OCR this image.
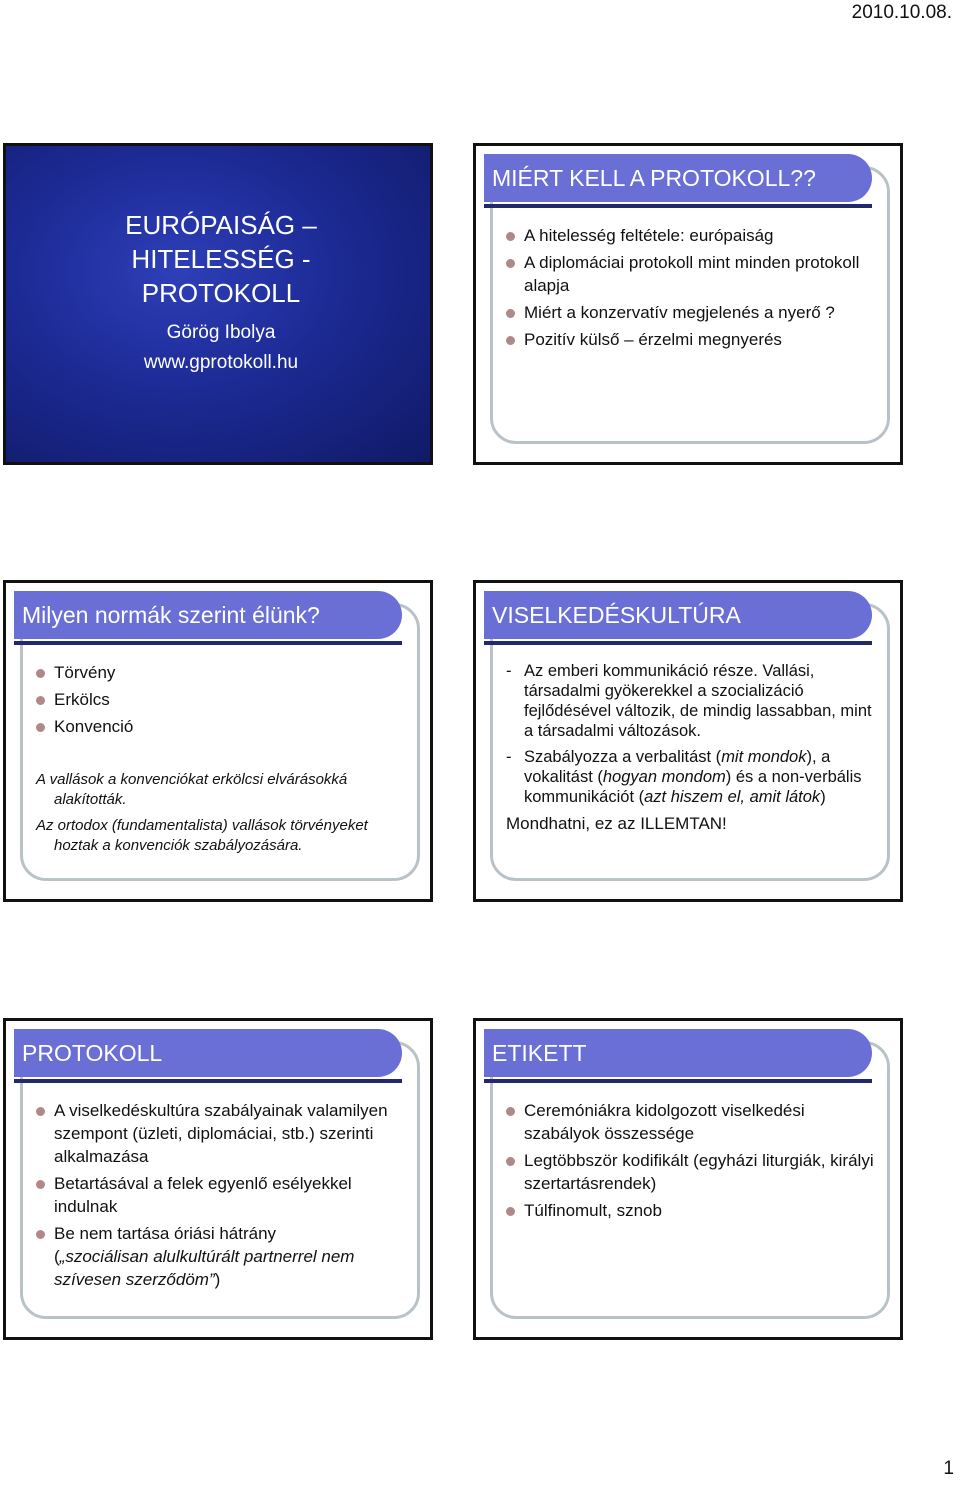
2010.10.08.
EURÓPAISÁG –
HITELESSÉG -
PROTOKOLL
Görög Ibolya
www.gprotokoll.hu
MIÉRT KELL A PROTOKOLL??
A hitelesség feltétele: európaiság
A diplomáciai protokoll mint minden protokoll alapja
Miért a konzervatív megjelenés a nyerő ?
Pozitív külső – érzelmi megnyerés
Milyen normák szerint élünk?
Törvény
Erkölcs
Konvenció

A vallások a konvenciókat erkölcsi elvárásokká alakították.

Az ortodox (fundamentalista) vallások törvényeket hoztak a konvenciók szabályozására.

VISELKEDÉSKULTÚRA
- Az emberi kommunikáció része. Vallási, társadalmi gyökerekkel a szocializáció fejlődésével változik, de mindig lassabban, mint a társadalmi változások.
- Szabályozza a verbalitást (mit mondok), a vokalitást (hogyan mondom) és a non-verbális kommunikációt (azt hiszem el, amit látok)
Mondhatni, ez az ILLEMTAN!
PROTOKOLL
A viselkedéskultúra szabályainak valamilyen szempont (üzleti, diplomáciai, stb.) szerinti alkalmazása
Betartásával a felek egyenlő esélyekkel indulnak
Be nem tartása óriási hátrány
(„szociálisan alulkultúrált partnerrel nem szívesen szerződöm”)
ETIKETT
Ceremóniákra kidolgozott viselkedési szabályok összessége
Legtöbbször kodifikált (egyházi liturgiák, királyi szertartásrendek)
Túlfinomult, sznob
1
